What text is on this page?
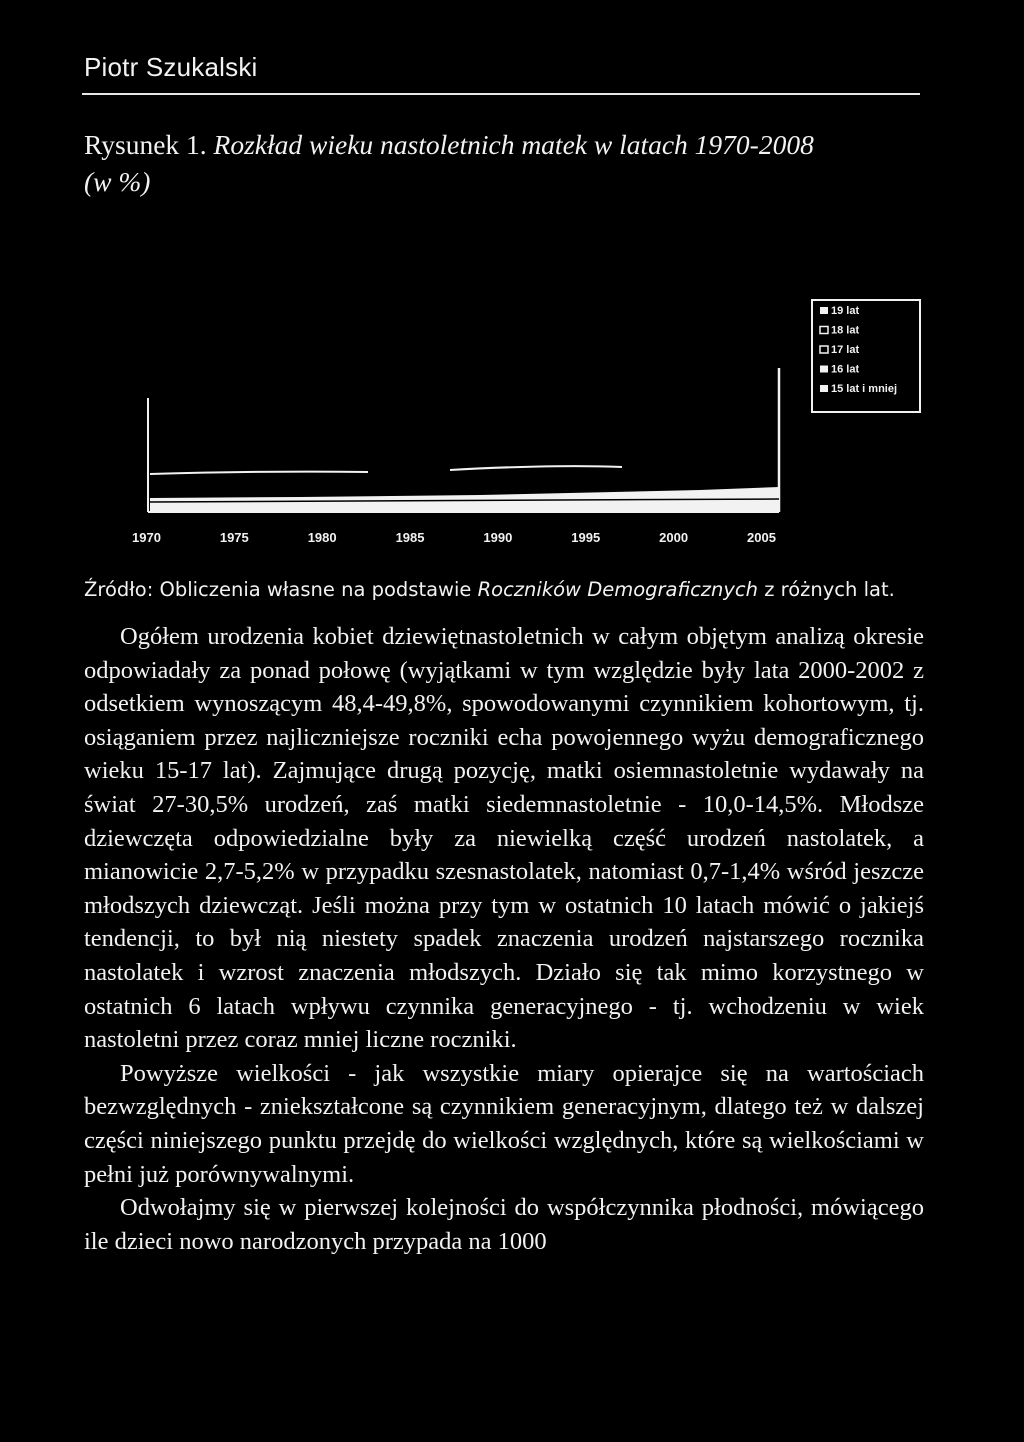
Piotr Szukalski
Rysunek 1. Rozkład wieku nastoletnich matek w latach 1970-2008
(w %)
19 lat
18 lat
17 lat
16 lat
15 lat i mniej
1970	1975	1980	1985	1990	1995	2000	2005
Źródło: Obliczenia własne na podstawie Roczników Demograficznych z różnych lat.

Ogółem urodzenia kobiet dziewiętnastoletnich w całym objętym analizą okresie odpowiadały za ponad połowę (wyjątkami w tym względzie były lata 2000-2002 z odsetkiem wynoszącym 48,4-49,8%, spowodowanymi czynnikiem kohortowym, tj. osiąganiem przez najliczniejsze roczniki echa powojennego wyżu demograficznego wieku 15-17 lat). Zajmujące drugą pozycję, matki osiemnastoletnie wydawały na świat 27-30,5% urodzeń, zaś matki siedemnastoletnie - 10,0-14,5%. Młodsze dziewczęta odpowiedzialne były za niewielką część urodzeń nastolatek, a mianowicie 2,7-5,2% w przypadku szesnastolatek, natomiast 0,7-1,4% wśród jeszcze młodszych dziewcząt. Jeśli można przy tym w ostatnich 10 latach mówić o jakiejś tendencji, to był nią niestety spadek znaczenia urodzeń najstarszego rocznika nastolatek i wzrost znaczenia młodszych. Działo się tak mimo korzystnego w ostatnich 6 latach wpływu czynnika generacyjnego - tj. wchodzeniu w wiek nastoletni przez coraz mniej liczne roczniki.

Powyższe wielkości - jak wszystkie miary opierajce się na wartościach bezwzględnych - zniekształcone są czynnikiem generacyjnym, dlatego też w dalszej części niniejszego punktu przejdę do wielkości względnych, które są wielkościami w pełni już porównywalnymi.

Odwołajmy się w pierwszej kolejności do współczynnika płodności, mówiącego ile dzieci nowo narodzonych przypada na 1000
